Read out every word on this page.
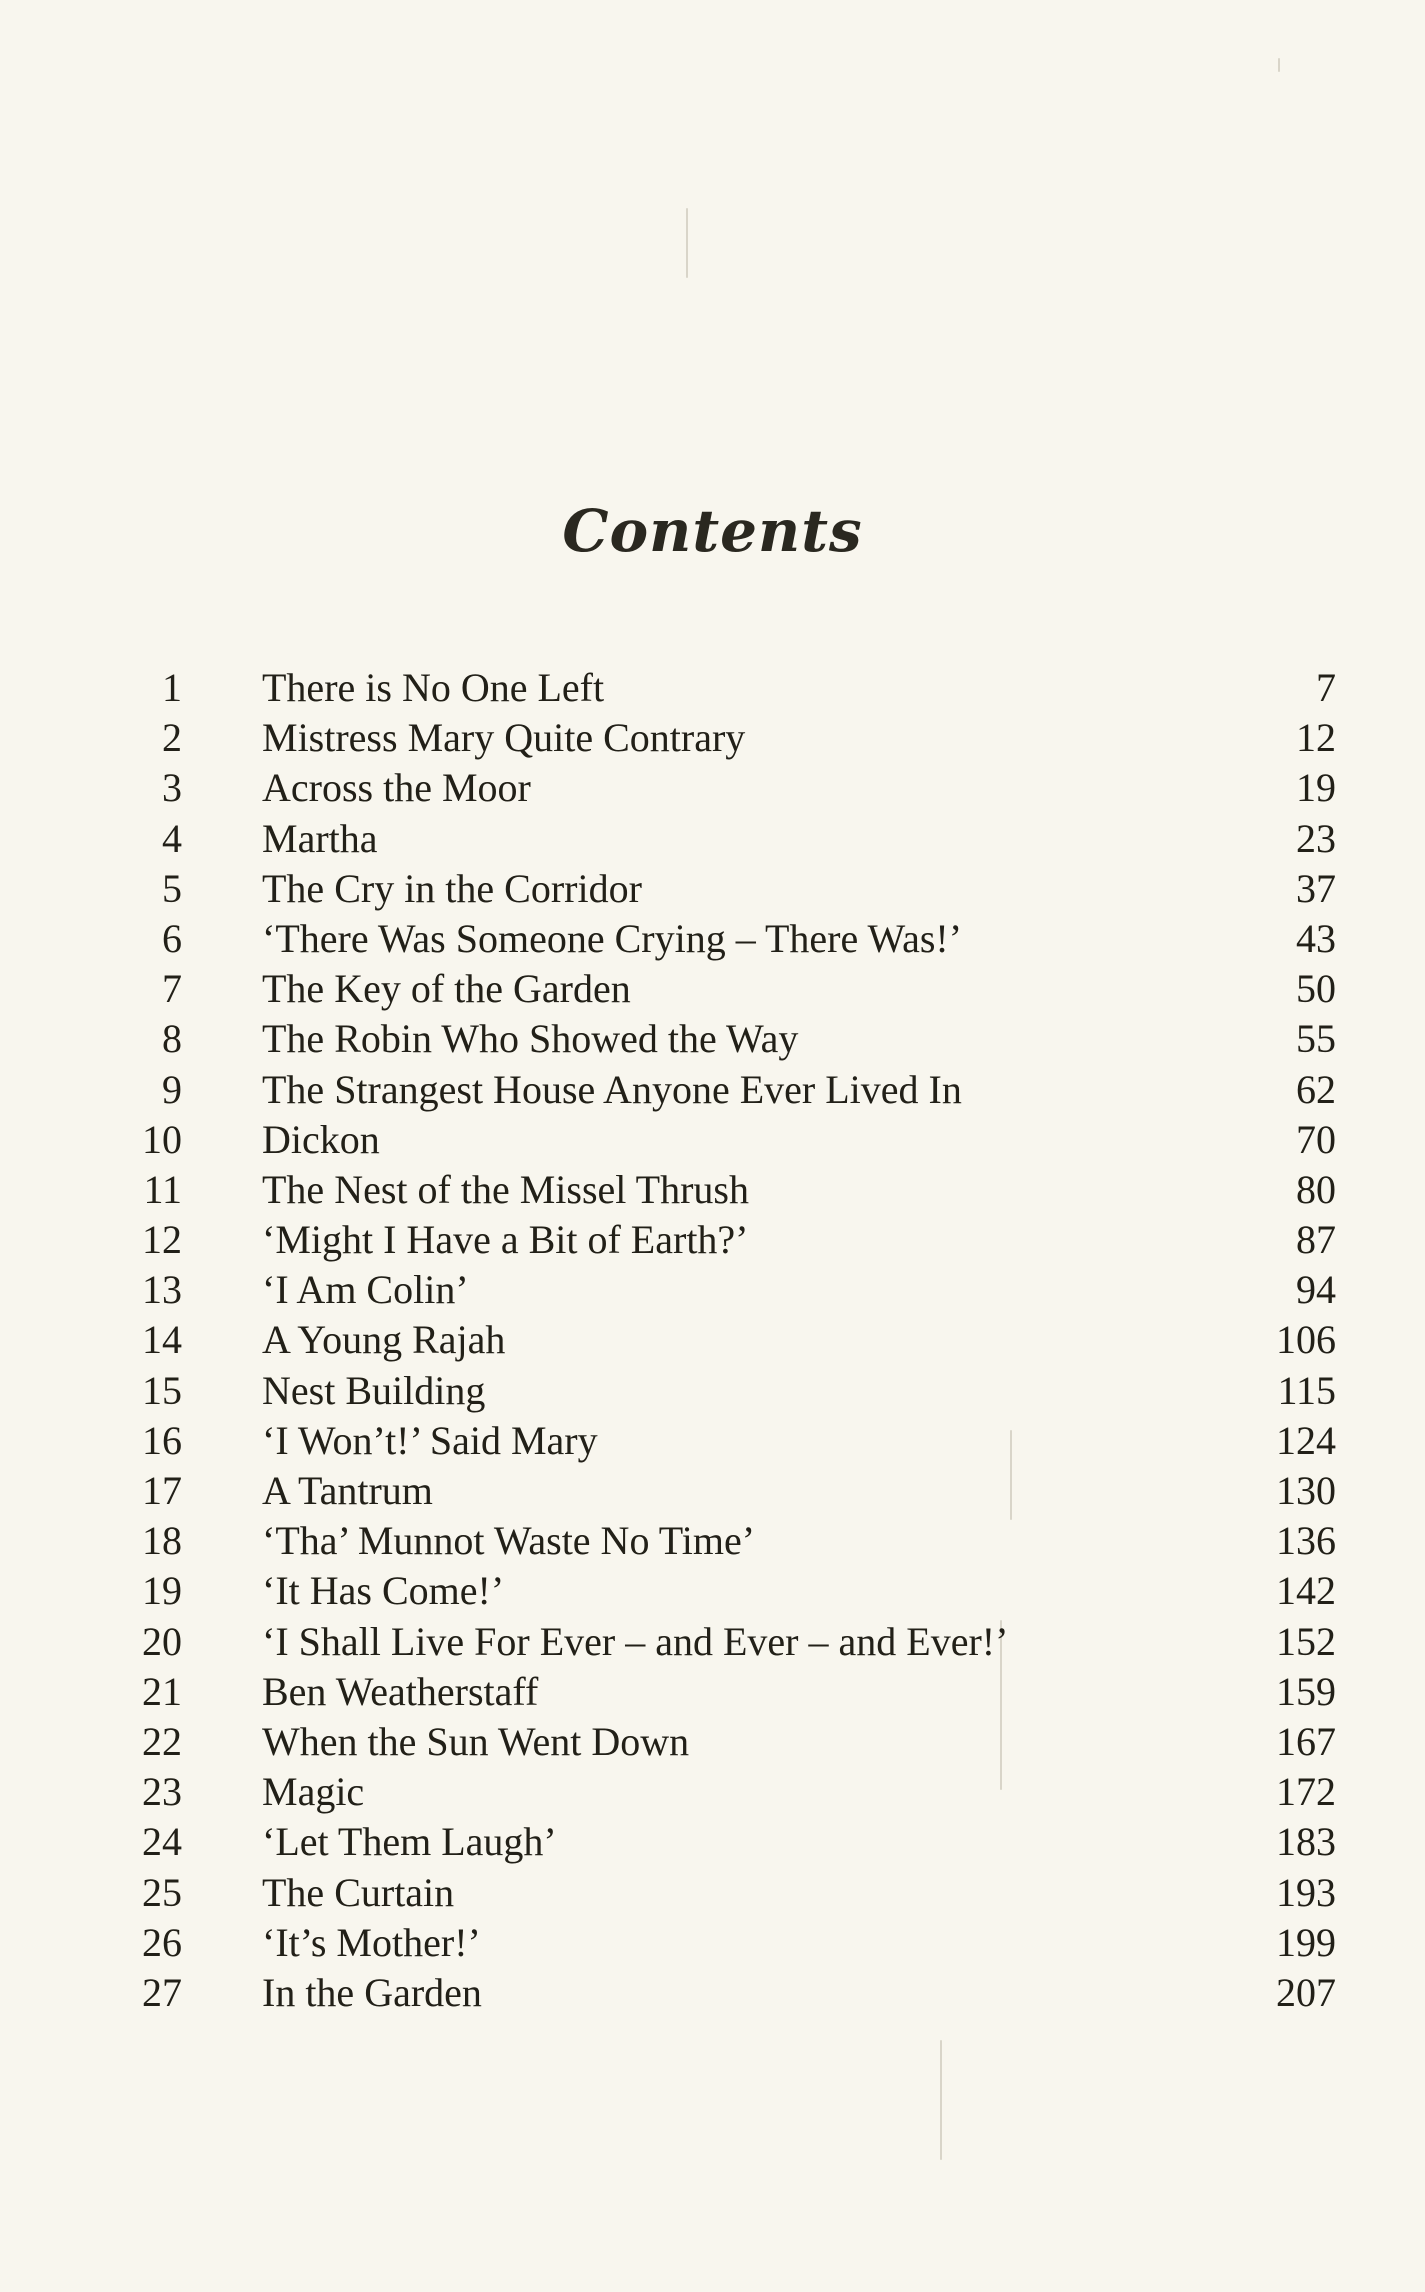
Contents
1 There is No One Left	7
2 Mistress Mary Quite Contrary	12
3 Across the Moor	19
4 Martha	23
5 The Cry in the Corridor	37
6 ‘There Was Someone Crying – There Was!’	43
7 The Key of the Garden	50
8 The Robin Who Showed the Way	55
9 The Strangest House Anyone Ever Lived In	62
10 Dickon	70
11 The Nest of the Missel Thrush	80
12 ‘Might I Have a Bit of Earth?’	87
13 ‘I Am Colin’	94
14 A Young Rajah	106
15 Nest Building	115
16 ‘I Won’t!’ Said Mary	124
17 A Tantrum	130
18 ‘Tha’ Munnot Waste No Time’	136
19 ‘It Has Come!’	142
20 ‘I Shall Live For Ever – and Ever – and Ever!’	152
21 Ben Weatherstaff	159
22 When the Sun Went Down	167
23 Magic	172
24 ‘Let Them Laugh’	183
25 The Curtain	193
26 ‘It’s Mother!’	199
27 In the Garden	207
